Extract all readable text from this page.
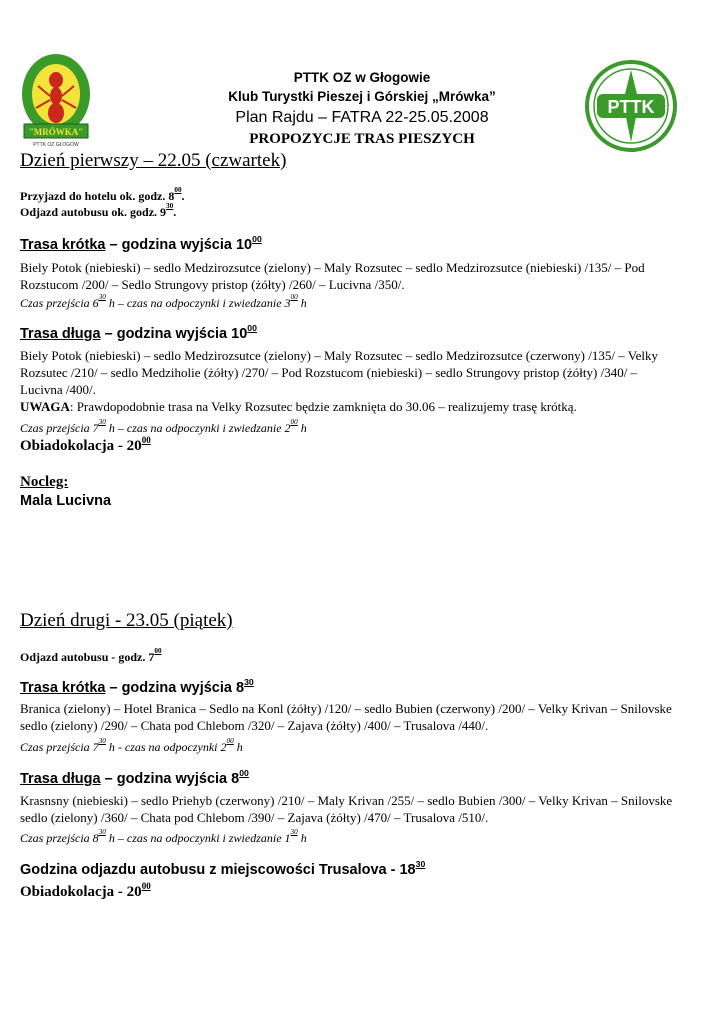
"MRÓWKA"
PTTK OZ GŁOGÓW
PTTK
PTTK OZ w Głogowie
Klub Turystki Pieszej i Górskiej „Mrówka”
Plan Rajdu – FATRA 22-25.05.2008
PROPOZYCJE TRAS PIESZYCH
Dzień pierwszy – 22.05 (czwartek)
Przyjazd do hotelu ok. godz. $8^{00}$.
Odjazd autobusu ok. godz. $9^{30}$.
Trasa krótka – godzina wyjścia $10^{00}$
Biely Potok (niebieski) – sedlo Medzirozsutce (zielony) – Maly Rozsutec – sedlo Medzirozsutce (niebieski) /135/ – Pod Rozstucom /200/ – Sedlo Strungovy pristop (żółty) /260/ – Lucivna /350/.
Czas przejścia $6^{30}$ h – czas na odpoczynki i zwiedzanie $3^{00}$ h
Trasa długa – godzina wyjścia $10^{00}$
Biely Potok (niebieski) – sedlo Medzirozsutce (zielony) – Maly Rozsutec – sedlo Medzirozsutce (czerwony) /135/ – Velky Rozsutec /210/ – sedlo Medziholie (żółty) /270/ – Pod Rozstucom (niebieski) – sedlo Strungovy pristop (żółty) /340/ – Lucivna /400/.
UWAGA: Prawdopodobnie trasa na Velky Rozsutec będzie zamknięta do 30.06 – realizujemy trasę krótką.
Czas przejścia $7^{30}$ h – czas na odpoczynki i zwiedzanie $2^{00}$ h
Obiadokolacja - $20^{00}$
Nocleg:
Mala Lucivna
Dzień drugi - 23.05 (piątek)
Odjazd autobusu - godz. $7^{00}$
Trasa krótka – godzina wyjścia $8^{30}$
Branica (zielony) – Hotel Branica – Sedlo na Konl (żółty) /120/ – sedlo Bubien (czerwony) /200/ – Velky Krivan – Snilovske sedlo (zielony) /290/ – Chata pod Chlebom /320/ – Zajava (żółty) /400/ – Trusalova /440/.
Czas przejścia $7^{30}$ h - czas na odpoczynki $2^{00}$ h
Trasa długa – godzina wyjścia $8^{00}$
Krasnsny (niebieski) – sedlo Priehyb (czerwony) /210/ – Maly Krivan /255/ – sedlo Bubien /300/ – Velky Krivan – Snilovske sedlo (zielony) /360/ – Chata pod Chlebom /390/ – Zajava (żółty) /470/ – Trusalova /510/.
Czas przejścia $8^{30}$ h – czas na odpoczynki i zwiedzanie $1^{30}$ h
Godzina odjazdu autobusu z miejscowości Trusalova - $18^{30}$
Obiadokolacja - $20^{00}$
